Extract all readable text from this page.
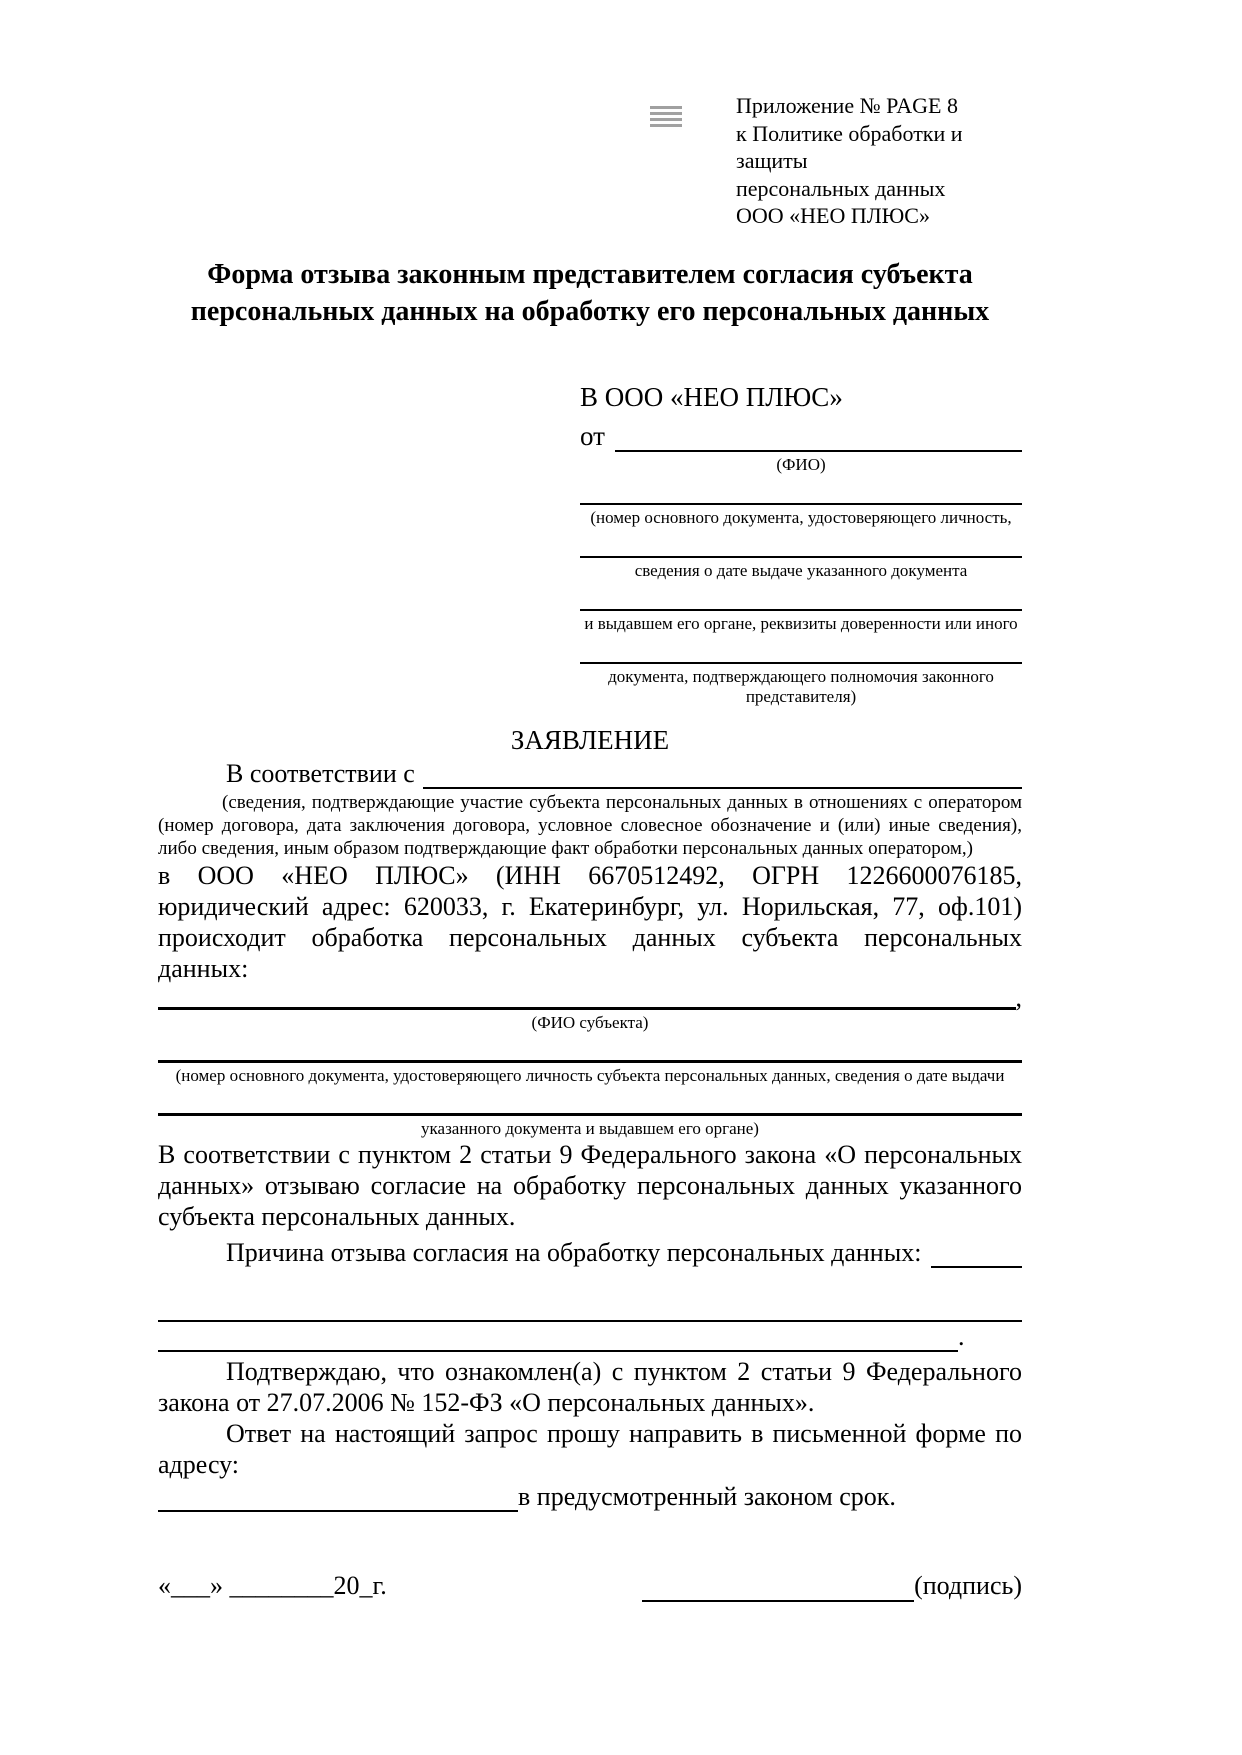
Приложение № PAGE 8
к Политике обработки и защиты
персональных данных
ООО «НЕО ПЛЮС»
Форма отзыва законным представителем согласия субъекта персональных данных на обработку его персональных данных
В ООО «НЕО ПЛЮС»
от
(ФИО)
(номер основного документа, удостоверяющего личность,
сведения о дате выдаче указанного документа
и выдавшем его органе, реквизиты доверенности или иного
документа, подтверждающего полномочия законного представителя)
ЗАЯВЛЕНИЕ
В соответствии с
(сведения, подтверждающие участие субъекта персональных данных в отношениях с оператором (номер договора, дата заключения договора, условное словесное обозначение и (или) иные сведения), либо сведения, иным образом подтверждающие факт обработки персональных данных оператором,)
в ООО «НЕО ПЛЮС» (ИНН 6670512492, ОГРН 1226600076185, юридический адрес: 620033, г. Екатеринбург, ул. Норильская, 77, оф.101) происходит обработка персональных данных субъекта персональных данных:
,
(ФИО субъекта)
(номер основного документа, удостоверяющего личность субъекта персональных данных, сведения о дате выдачи
указанного документа и выдавшем его органе)
В соответствии с пунктом 2 статьи 9 Федерального закона «О персональных данных» отзываю согласие на обработку персональных данных указанного субъекта персональных данных.
Причина отзыва согласия на обработку персональных данных:
.
Подтверждаю, что ознакомлен(а) с пунктом 2 статьи 9 Федерального закона от 27.07.2006 № 152-ФЗ «О персональных данных».
Ответ на настоящий запрос прошу направить в письменной форме по адресу:
в предусмотренный законом срок.
«___» ________20_г.	(подпись)
